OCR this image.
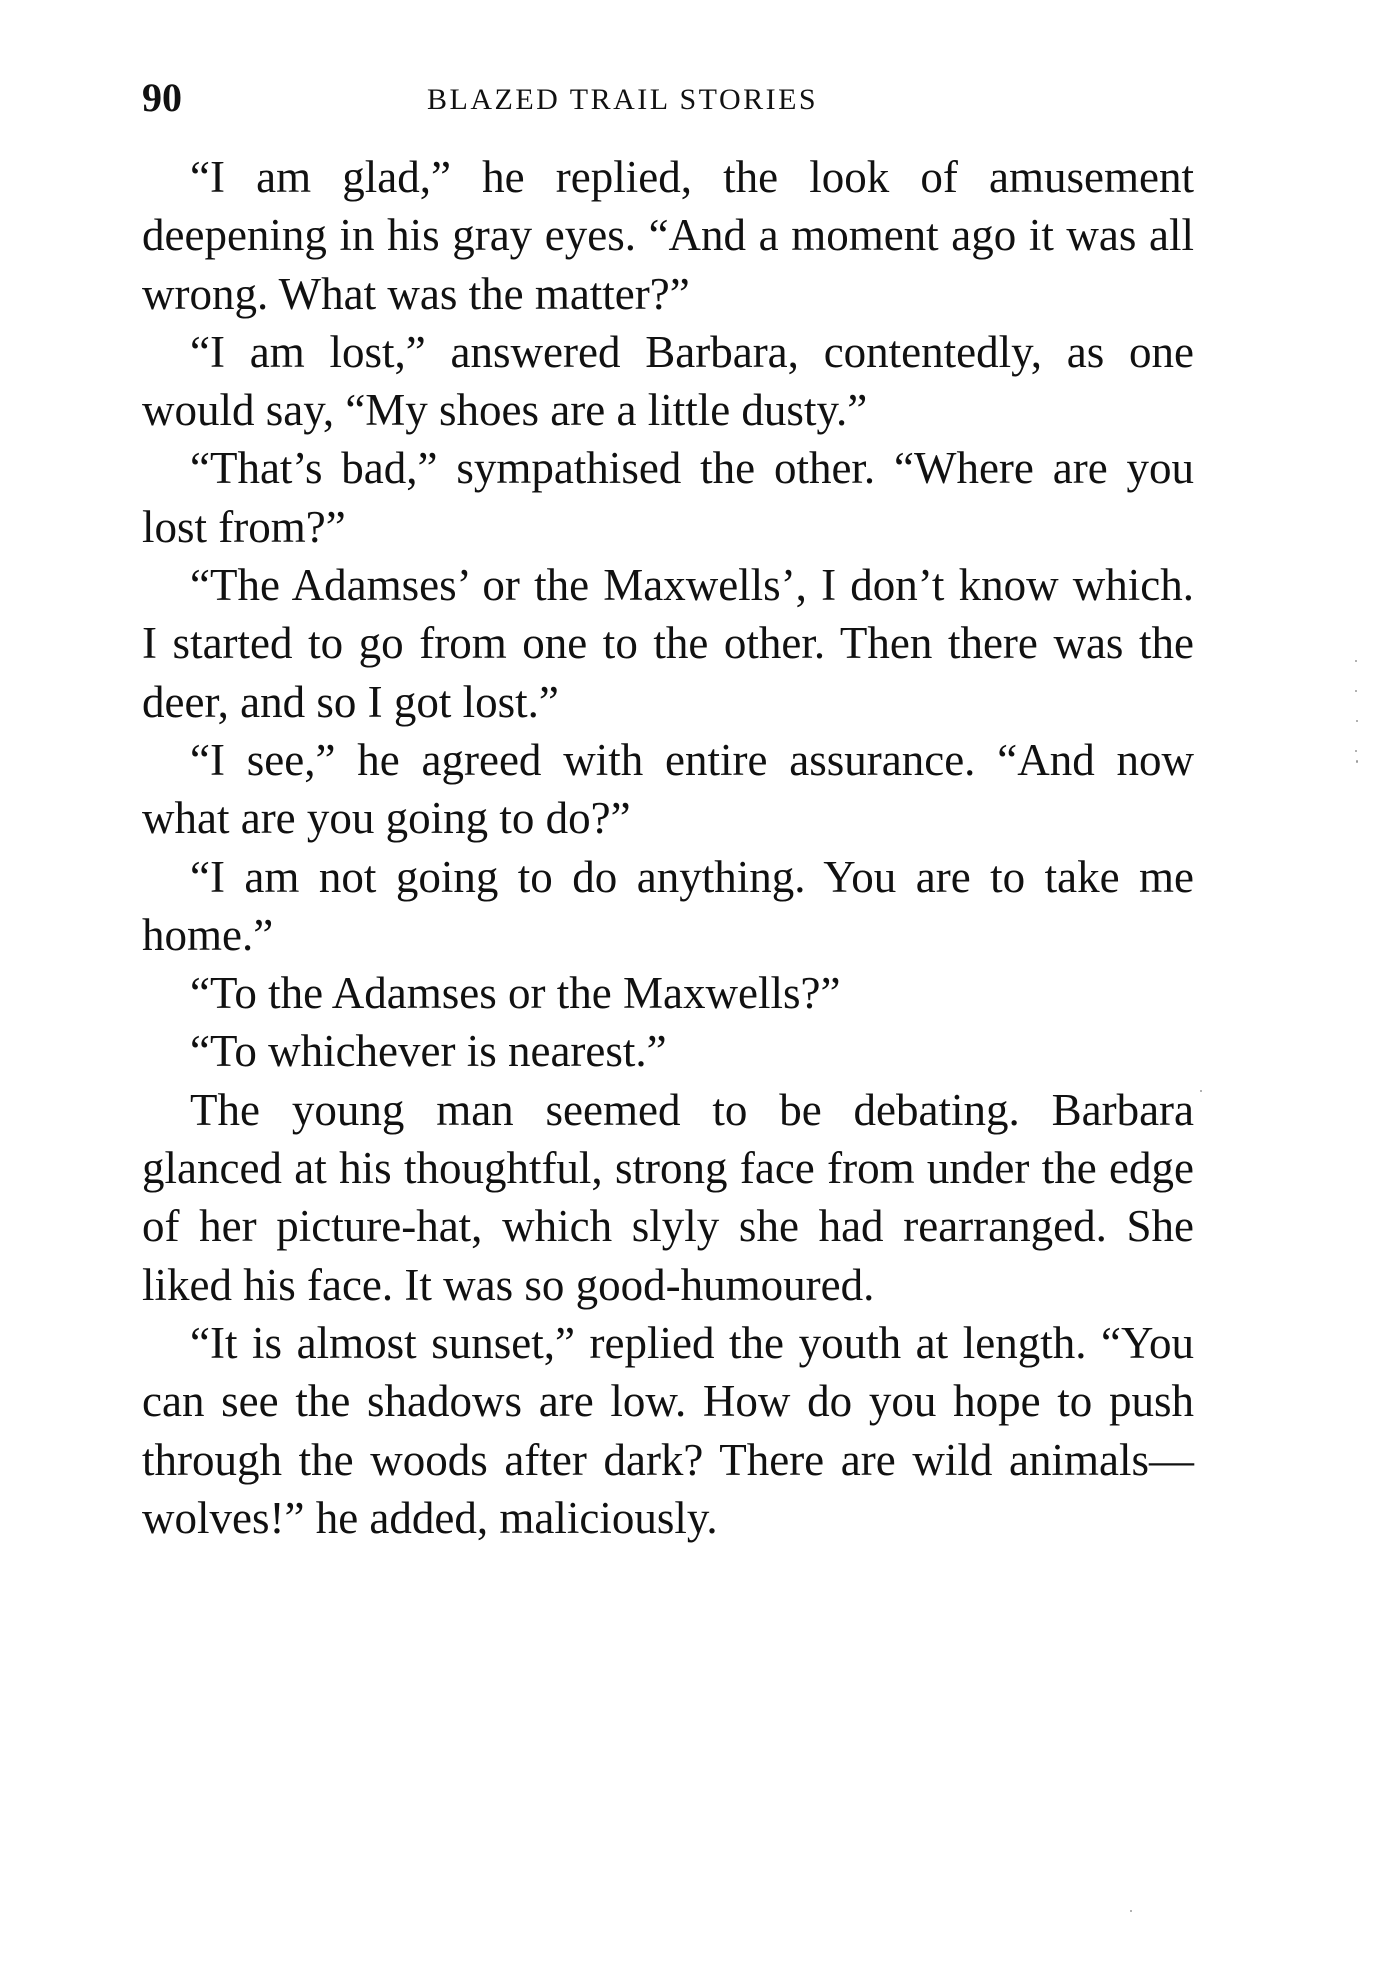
90	BLAZED TRAIL STORIES

“I am glad,” he replied, the look of amusement deepening in his gray eyes. “And a moment ago it was all wrong. What was the matter?”

“I am lost,” answered Barbara, contentedly, as one would say, “My shoes are a little dusty.”

“That’s bad,” sympathised the other. “Where are you lost from?”

“The Adamses’ or the Maxwells’, I don’t know which. I started to go from one to the other. Then there was the deer, and so I got lost.”

“I see,” he agreed with entire assurance. “And now what are you going to do?”

“I am not going to do anything. You are to take me home.”

“To the Adamses or the Maxwells?”

“To whichever is nearest.”

The young man seemed to be debating. Barbara glanced at his thoughtful, strong face from under the edge of her picture-hat, which slyly she had rearranged. She liked his face. It was so good-humoured.

“It is almost sunset,” replied the youth at length. “You can see the shadows are low. How do you hope to push through the woods after dark? There are wild animals—wolves!” he added, maliciously.
